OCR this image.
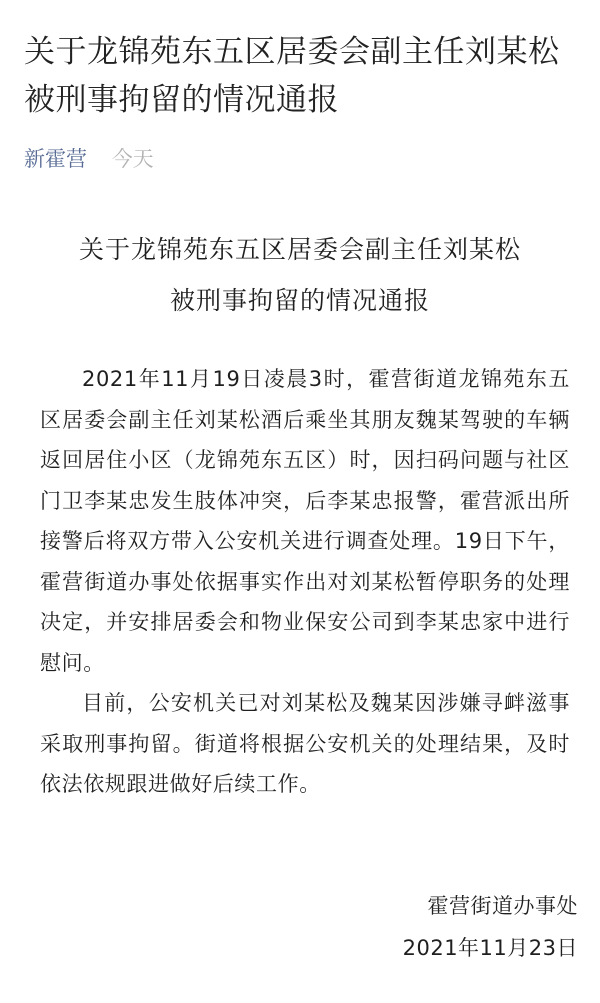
关于龙锦苑东五区居委会副主任刘某松被刑事拘留的情况通报
新霍营 今天
关于龙锦苑东五区居委会副主任刘某松
被刑事拘留的情况通报

2021年11月19日凌晨3时，霍营街道龙锦苑东五区居委会副主任刘某松酒后乘坐其朋友魏某驾驶的车辆返回居住小区（龙锦苑东五区）时，因扫码问题与社区门卫李某忠发生肢体冲突，后李某忠报警，霍营派出所接警后将双方带入公安机关进行调查处理。19日下午，霍营街道办事处依据事实作出对刘某松暂停职务的处理决定，并安排居委会和物业保安公司到李某忠家中进行慰问。

目前，公安机关已对刘某松及魏某因涉嫌寻衅滋事采取刑事拘留。街道将根据公安机关的处理结果，及时依法依规跟进做好后续工作。

霍营街道办事处
2021年11月23日
